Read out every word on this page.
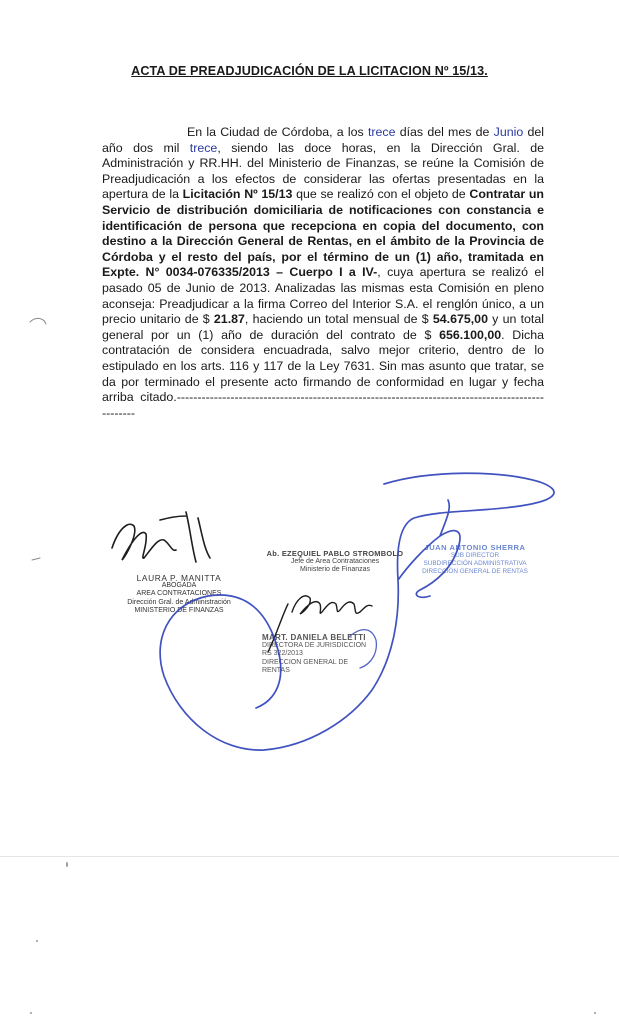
ACTA DE PREADJUDICACIÓN DE LA LICITACION Nº 15/13.
En la Ciudad de Córdoba, a los trece días del mes de Junio del año dos mil trece, siendo las doce horas, en la Dirección Gral. de Administración y RR.HH. del Ministerio de Finanzas, se reúne la Comisión de Preadjudicación a los efectos de considerar las ofertas presentadas en la apertura de la Licitación Nº 15/13 que se realizó con el objeto de Contratar un Servicio de distribución domiciliaria de notificaciones con constancia e identificación de persona que recepciona en copia del documento, con destino a la Dirección General de Rentas, en el ámbito de la Provincia de Córdoba y el resto del país, por el término de un (1) año, tramitada en Expte. N° 0034-076335/2013 – Cuerpo I a IV-, cuya apertura se realizó el pasado 05 de Junio de 2013. Analizadas las mismas esta Comisión en pleno aconseja: Preadjudicar a la firma Correo del Interior S.A. el renglón único, a un precio unitario de $ 21.87, haciendo un total mensual de $ 54.675,00 y un total general por un (1) año de duración del contrato de $ 656.100,00. Dicha contratación de considera encuadrada, salvo mejor criterio, dentro de lo estipulado en los arts. 116 y 117 de la Ley 7631. Sin mas asunto que tratar, se da por terminado el presente acto firmando de conformidad en lugar y fecha arriba citado.-------------------------------------------------------------------------------------------------
LAURA P. MANITTA
ABOGADA
AREA CONTRATACIONES
Dirección Gral. de Administración
MINISTERIO DE FINANZAS
Ab. EZEQUIEL PABLO STROMBOLO
Jefe de Area Contrataciones
Ministerio de Finanzas
MART. DANIELA BELETTI
DIRECTORA DE JURISDICCION
RS 322/2013
DIRECCION GENERAL DE RENTAS
JUAN ANTONIO SHERRA
SUB DIRECTOR
SUBDIRECCIÓN ADMINISTRATIVA
DIRECCIÓN GENERAL DE RENTAS
